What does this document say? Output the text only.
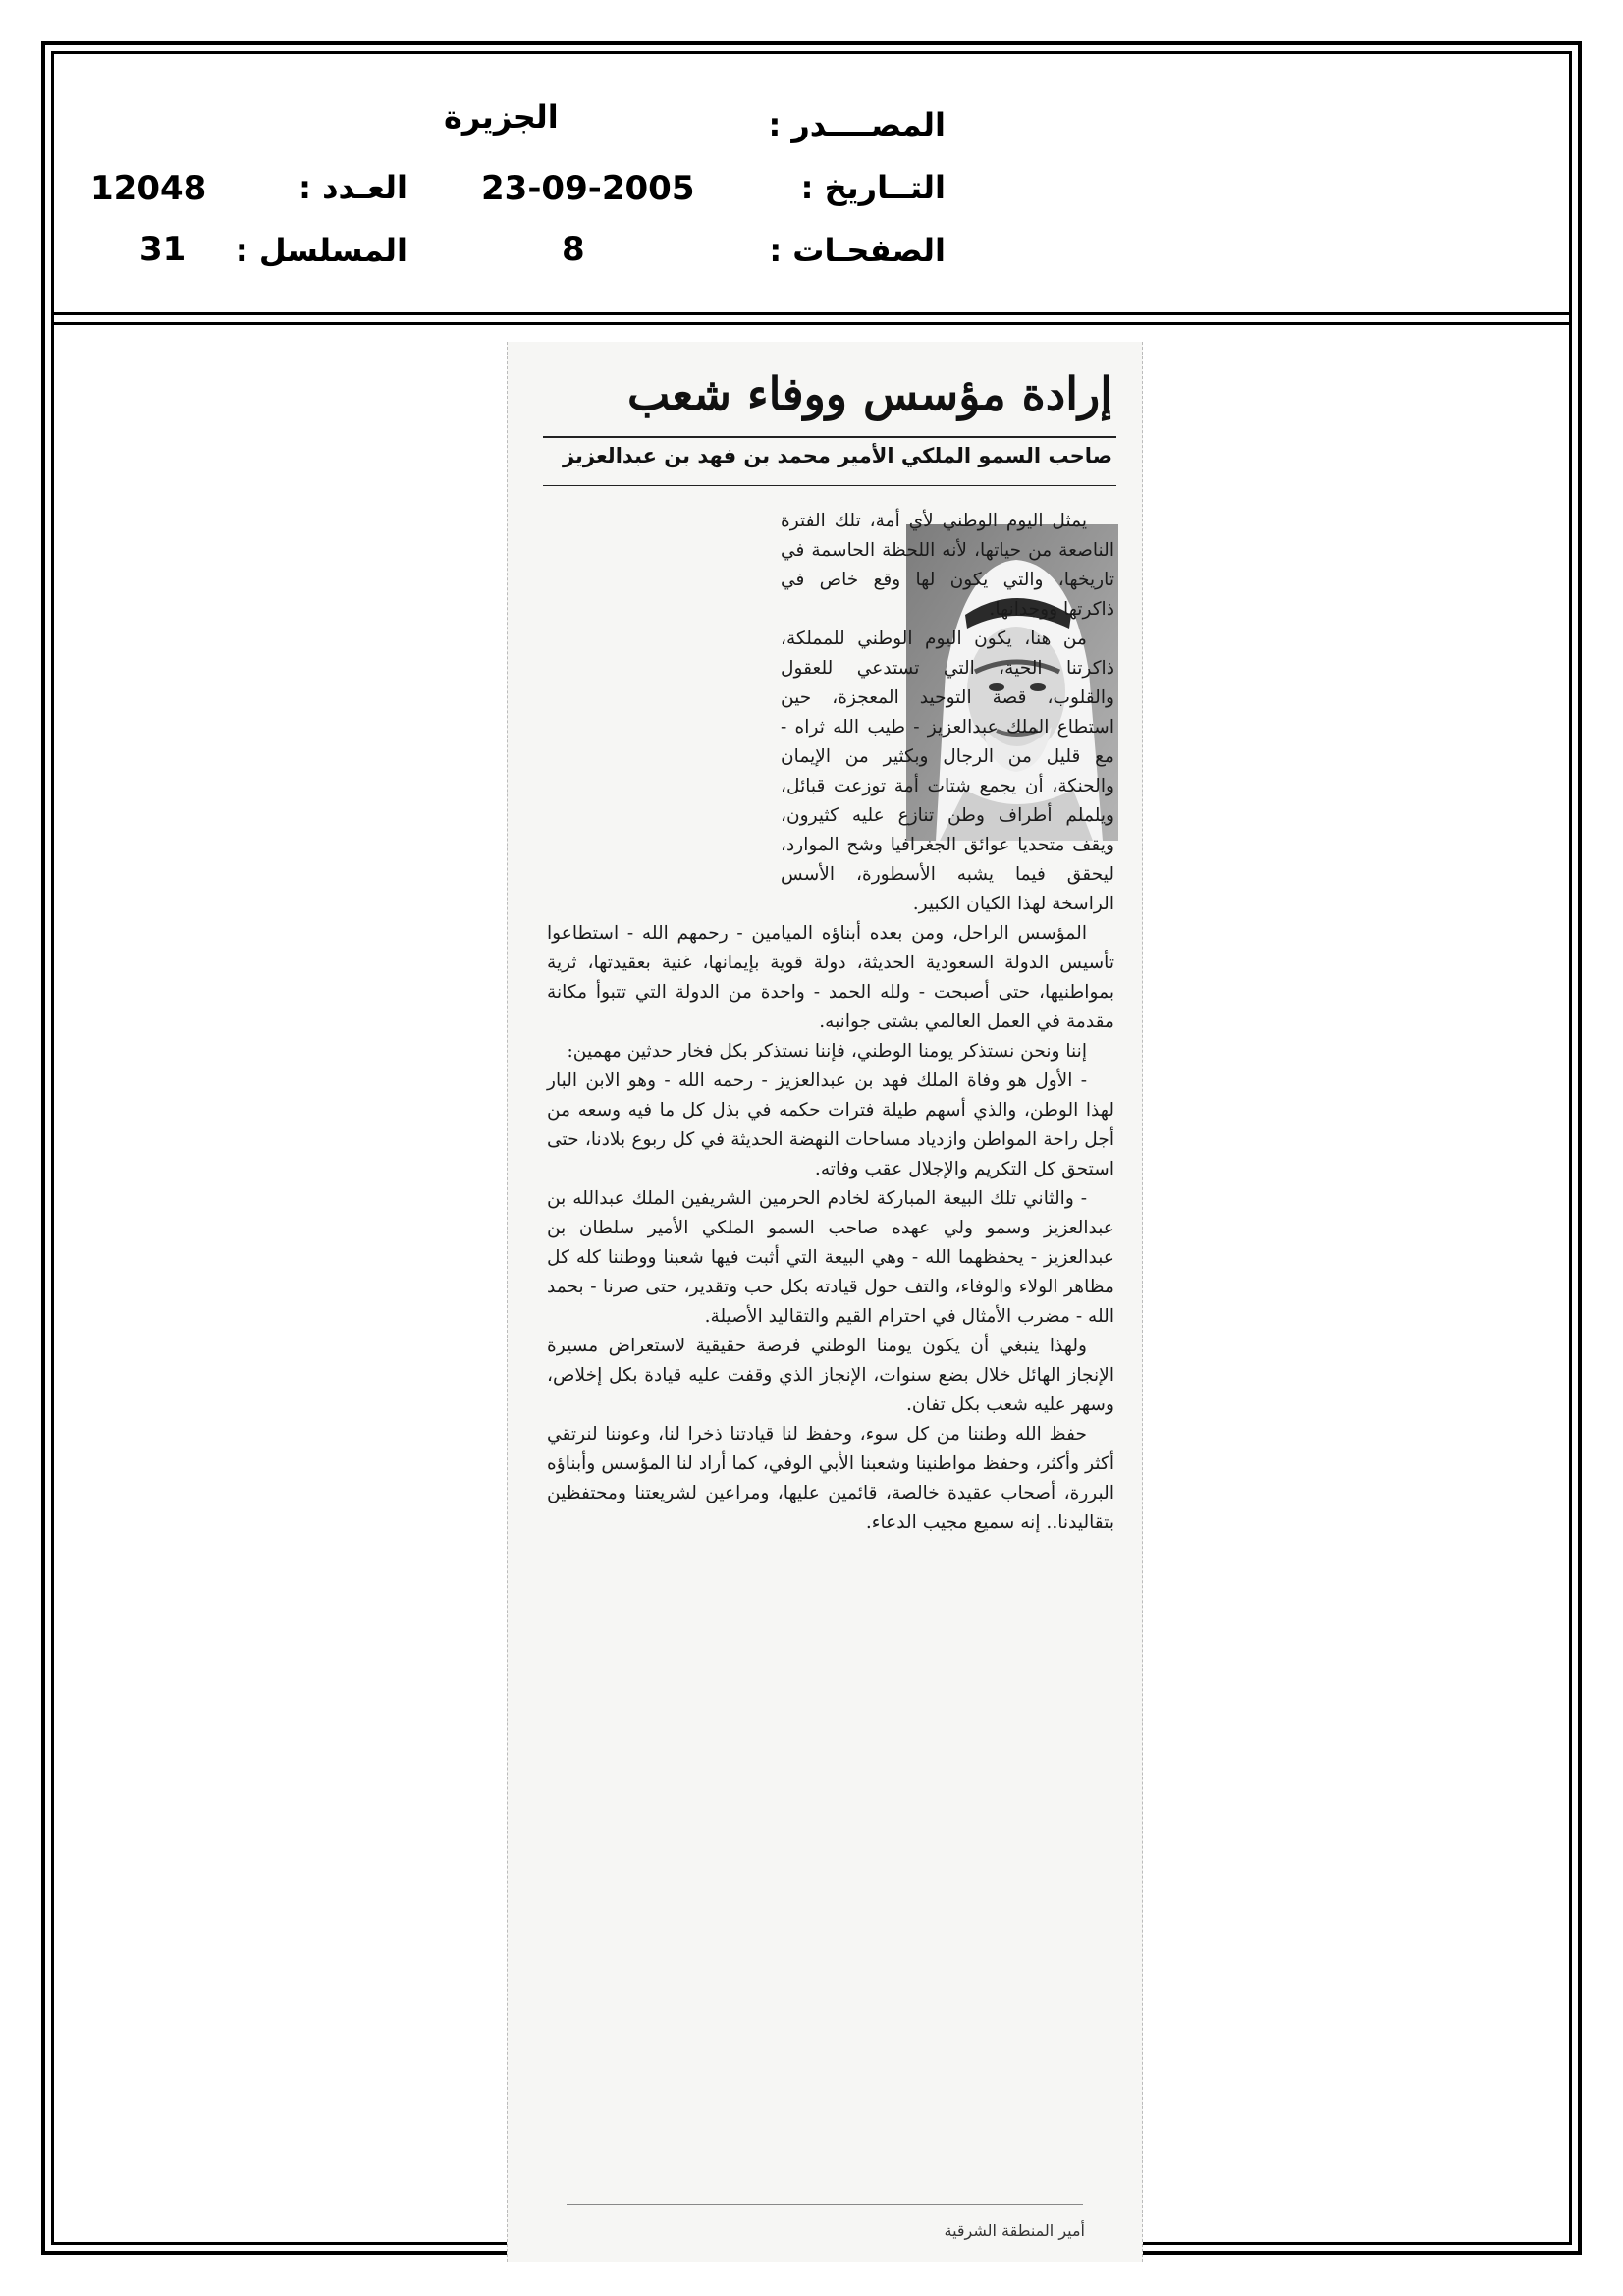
المصــــدر :
الجزيرة
التــاريخ :
23-09-2005
الصفحـات :
8
العـدد :
12048
المسلسل :
31
إرادة مؤسس ووفاء شعب
صاحب السمو الملكي الأمير محمد بن فهد بن عبدالعزيز

يمثل اليوم الوطني لأي أمة، تلك الفترة الناصعة من حياتها، لأنه اللحظة الحاسمة في تاريخها، والتي يكون لها وقع خاص في ذاكرتها ووجدانها.

من هنا، يكون اليوم الوطني للمملكة، ذاكرتنا الحية، التي تستدعي للعقول والقلوب، قصة التوحيد المعجزة، حين استطاع الملك عبدالعزيز - طيب الله ثراه - مع قليل من الرجال وبكثير من الإيمان والحنكة، أن يجمع شتات أمة توزعت قبائل، ويلملم أطراف وطن تنازع عليه كثيرون، ويقف متحديا عوائق الجغرافيا وشح الموارد، ليحقق فيما يشبه الأسطورة، الأسس الراسخة لهذا الكيان الكبير.

المؤسس الراحل، ومن بعده أبناؤه الميامين - رحمهم الله - استطاعوا تأسيس الدولة السعودية الحديثة، دولة قوية بإيمانها، غنية بعقيدتها، ثرية بمواطنيها، حتى أصبحت - ولله الحمد - واحدة من الدولة التي تتبوأ مكانة مقدمة في العمل العالمي بشتى جوانبه.

إننا ونحن نستذكر يومنا الوطني، فإننا نستذكر بكل فخار حدثين مهمين:

- الأول هو وفاة الملك فهد بن عبدالعزيز - رحمه الله - وهو الابن البار لهذا الوطن، والذي أسهم طيلة فترات حكمه في بذل كل ما فيه وسعه من أجل راحة المواطن وازدياد مساحات النهضة الحديثة في كل ربوع بلادنا، حتى استحق كل التكريم والإجلال عقب وفاته.

- والثاني تلك البيعة المباركة لخادم الحرمين الشريفين الملك عبدالله بن عبدالعزيز وسمو ولي عهده صاحب السمو الملكي الأمير سلطان بن عبدالعزيز - يحفظهما الله - وهي البيعة التي أثبت فيها شعبنا ووطننا كله كل مظاهر الولاء والوفاء، والتف حول قيادته بكل حب وتقدير، حتى صرنا - بحمد الله - مضرب الأمثال في احترام القيم والتقاليد الأصيلة.

ولهذا ينبغي أن يكون يومنا الوطني فرصة حقيقية لاستعراض مسيرة الإنجاز الهائل خلال بضع سنوات، الإنجاز الذي وقفت عليه قيادة بكل إخلاص، وسهر عليه شعب بكل تفان.

حفظ الله وطننا من كل سوء، وحفظ لنا قيادتنا ذخرا لنا، وعوننا لنرتقي أكثر وأكثر، وحفظ مواطنينا وشعبنا الأبي الوفي، كما أراد لنا المؤسس وأبناؤه البررة، أصحاب عقيدة خالصة، قائمين عليها، ومراعين لشريعتنا ومحتفظين بتقاليدنا.. إنه سميع مجيب الدعاء.

أمير المنطقة الشرقية
